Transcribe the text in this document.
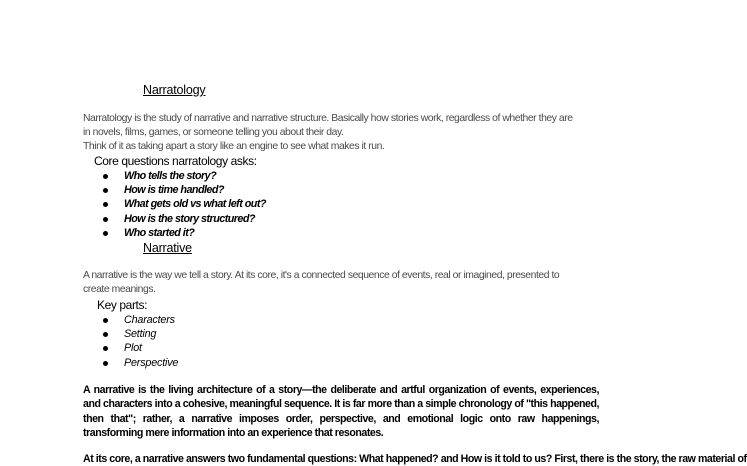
Narratology
Narratology is the study of narrative and narrative structure. Basically how stories work, regardless of whether they are
in novels, films, games, or someone telling you about their day.
Think of it as taking apart a story like an engine to see what makes it run.
Core questions narratology asks:
Who tells the story?
How is time handled?
What gets old vs what left out?
How is the story structured?
Who started it?
Narrative
A narrative is the way we tell a story. At its core, it's a connected sequence of events, real or imagined, presented to
create meanings.
Key parts:
Characters
Setting
Plot
Perspective
A narrative is the living architecture of a story—the deliberate and artful organization of events, experiences, and characters into a cohesive, meaningful sequence. It is far more than a simple chronology of "this happened, then that"; rather, a narrative imposes order, perspective, and emotional logic onto raw happenings, transforming mere information into an experience that resonates.
At its core, a narrative answers two fundamental questions: What happened? and How is it told to us? First, there is the story, the raw material of
